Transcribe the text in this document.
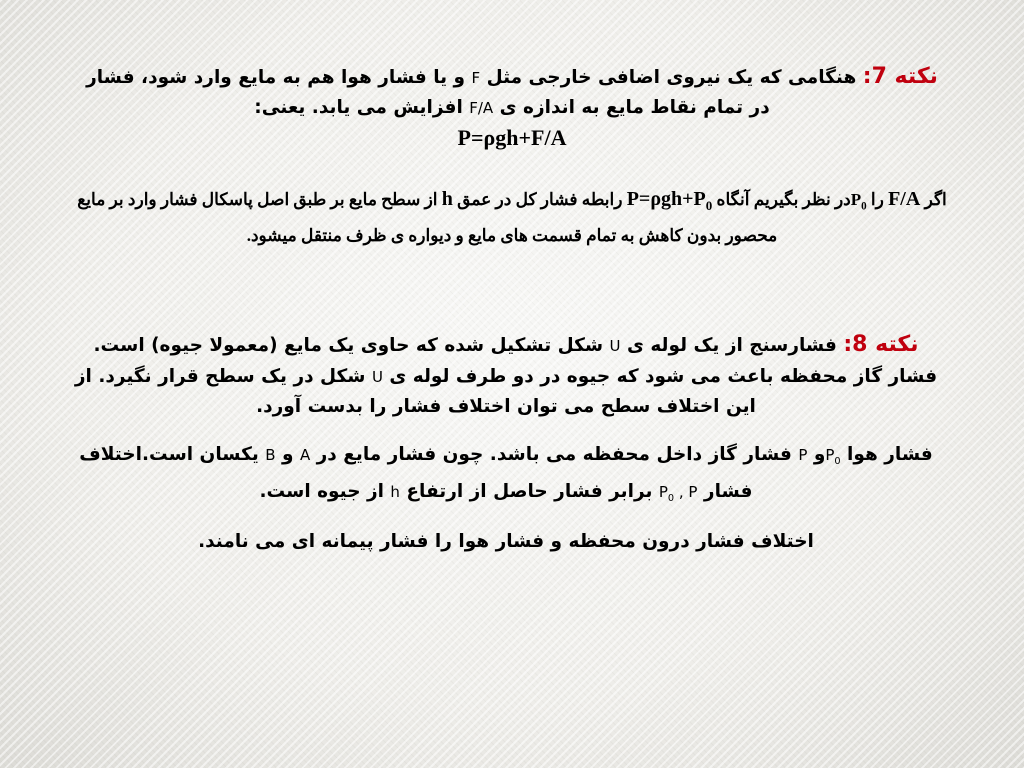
نکته 7: هنگامی که یک نیروی اضافی خارجی مثل F و یا فشار هوا هم به مایع وارد شود، فشار در تمام نقاط مایع به اندازه ی F/A افزایش می یابد. یعنی:
P=ρgh+F/A
اگر F/A را $P_0در$ نظر بگیریم آنگاه $P=\rho gh+P_0$ رابطه فشار کل در عمق h از سطح مایع بر طبق اصل پاسکال فشار وارد بر مایع محصور بدون کاهش به تمام قسمت های مایع و دیواره ی ظرف منتقل میشود.
نکته 8: فشارسنج از یک لوله ی U شکل تشکیل شده که حاوی یک مایع (معمولا جیوه) است. فشار گاز محفظه باعث می شود که جیوه در دو طرف لوله ی U شکل در یک سطح قرار نگیرد. از این اختلاف سطح می توان اختلاف فشار را بدست آورد.
فشار هوا $P_0و$ P فشار گاز داخل محفظه می باشد. چون فشار مایع در A و B یکسان است.اختلاف فشار $P_0$ , P برابر فشار حاصل از ارتفاع h از جیوه است.
اختلاف فشار درون محفظه و فشار هوا را فشار پیمانه ای می نامند.
